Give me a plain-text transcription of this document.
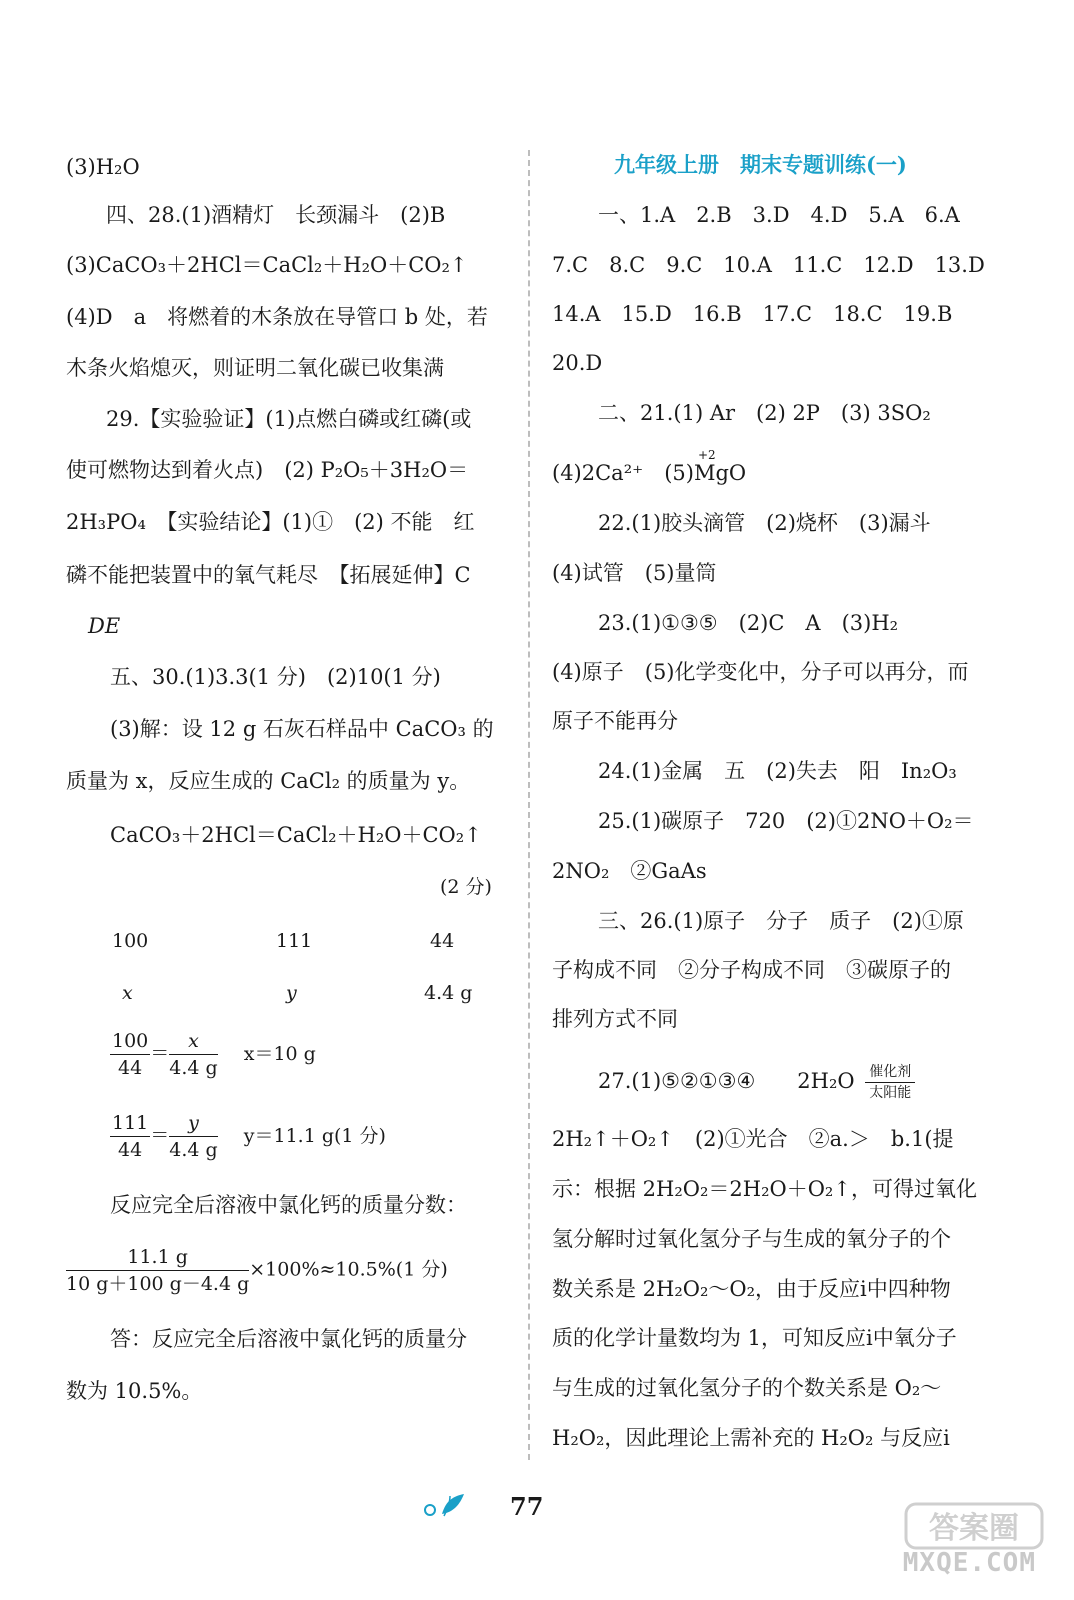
(3)H₂O
四、28.(1)酒精灯　长颈漏斗　(2)B
(3)CaCO₃＋2HCl＝CaCl₂＋H₂O＋CO₂↑
(4)D　a　将燃着的木条放在导管口 b 处，若
木条火焰熄灭，则证明二氧化碳已收集满
29.【实验验证】(1)点燃白磷或红磷(或
使可燃物达到着火点)　(2) P₂O₅＋3H₂O＝
2H₃PO₄　【实验结论】(1)①　(2) 不能　红
磷不能把装置中的氧气耗尽　【拓展延伸】C
DE
五、30.(1)3.3(1 分)　(2)10(1 分)
(3)解：设 12 g 石灰石样品中 CaCO₃ 的
质量为 x，反应生成的 CaCl₂ 的质量为 y。
CaCO₃＋2HCl＝CaCl₂＋H₂O＋CO₂↑
(2 分)
100	111	44
x	y	4.4 g
$\frac{100}{44} = \frac{x}{4.4 g} x=10$ g
$\frac{111}{44} = \frac{y}{4.4 g} y=11.1$ g(1 分)
反应完全后溶液中氯化钙的质量分数：
$\frac{11.1 g}{10 g+100 g-4.4 g} \times 100\%\approx 10.5\%(1$ 分)
答：反应完全后溶液中氯化钙的质量分
数为 10.5%。
九年级上册　期末专题训练(一)
一、1.A　2.B　3.D　4.D　5.A　6.A
7.C　8.C　9.C　10.A　11.C　12.D　13.D
14.A　15.D　16.B　17.C　18.C　19.B
20.D
二、21.(1) Ar　(2) 2P　(3) 3SO₂
(4)2Ca²⁺　(5)
+2
MgO
22.(1)胶头滴管　(2)烧杯　(3)漏斗
(4)试管　(5)量筒
23.(1)①③⑤　(2)C　A　(3)H₂
(4)原子　(5)化学变化中，分子可以再分，而
原子不能再分
24.(1)金属　五　(2)失去　阳　In₂O₃
25.(1)碳原子　720　(2)①2NO＋O₂＝
2NO₂　②GaAs
三、26.(1)原子　分子　质子　(2)①原
子构成不同　②分子构成不同　③碳原子的
排列方式不同
27.(1)⑤②①③④　　2H₂O 催化剂
太阳能
2H₂↑＋O₂↑　(2)①光合　②a.＞　b.1(提
示：根据 2H₂O₂＝2H₂O＋O₂↑，可得过氧化
氢分解时过氧化氢分子与生成的氧分子的个
数关系是 2H₂O₂～O₂，由于反应ⅰ中四种物
质的化学计量数均为 1，可知反应ⅰ中氧分子
与生成的过氧化氢分子的个数关系是 O₂～
H₂O₂，因此理论上需补充的 H₂O₂ 与反应ⅰ
77
答案圈
MXQE.COM
